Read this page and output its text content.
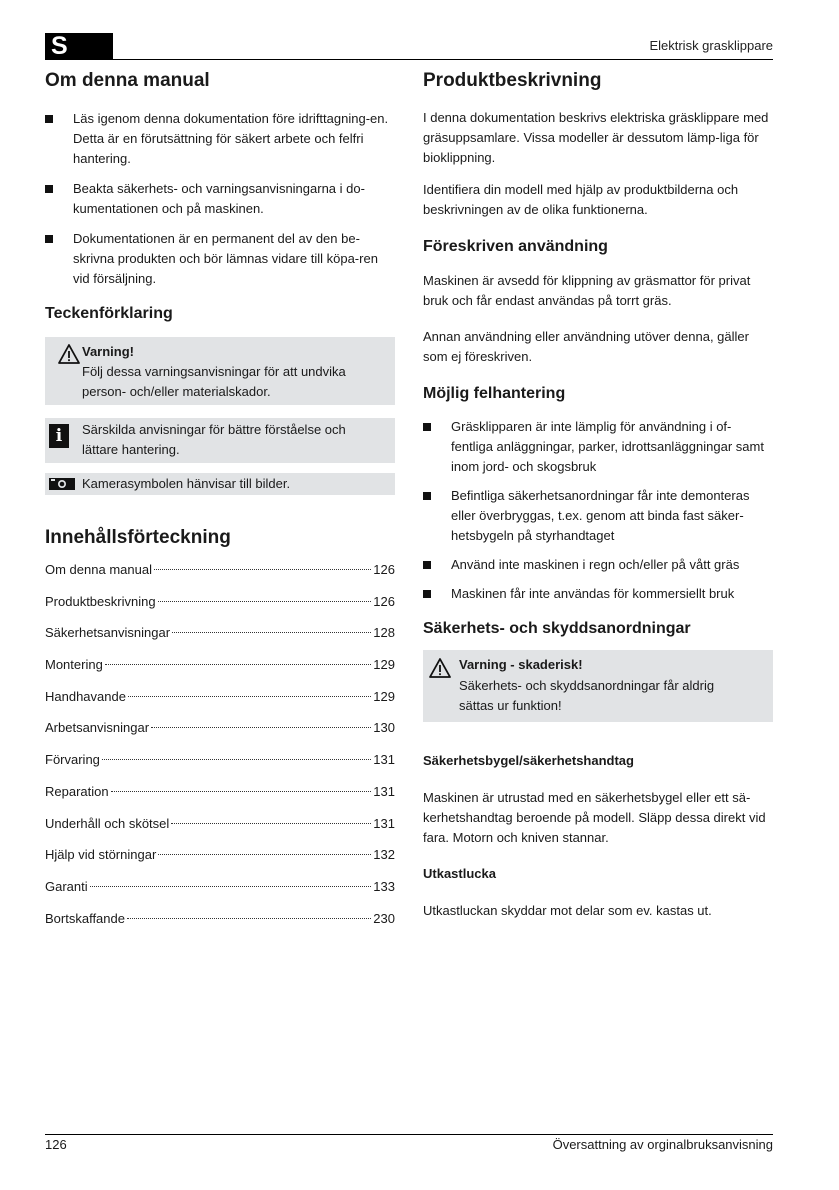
S	Elektrisk grasklippare
Om denna manual
Läs igenom denna dokumentation före idrifttagning-en. Detta är en förutsättning för säkert arbete och felfri hantering.
Beakta säkerhets- och varningsanvisningarna i do-kumentationen och på maskinen.
Dokumentationen är en permanent del av den be-skrivna produkten och bör lämnas vidare till köpa-ren vid försäljning.
Teckenförklaring
Varning!
Följ dessa varningsanvisningar för att undvika person- och/eller materialskador.
i	Särskilda anvisningar för bättre förståelse och lättare hantering.
Kamerasymbolen hänvisar till bilder.
Innehållsförteckning
Om denna manual	126
Produktbeskrivning	126
Säkerhetsanvisningar	128
Montering	129
Handhavande	129
Arbetsanvisningar	130
Förvaring	131
Reparation	131
Underhåll och skötsel	131
Hjälp vid störningar	132
Garanti	133
Bortskaffande	230
Produktbeskrivning

I denna dokumentation beskrivs elektriska gräsklippare med gräsuppsamlare. Vissa modeller är dessutom lämp-liga för bioklippning.

Identifiera din modell med hjälp av produktbilderna och beskrivningen av de olika funktionerna.

Föreskriven användning

Maskinen är avsedd för klippning av gräsmattor för privat bruk och får endast användas på torrt gräs.

Annan användning eller användning utöver denna, gäller som ej föreskriven.

Möjlig felhantering
Gräsklipparen är inte lämplig för användning i of-fentliga anläggningar, parker, idrottsanläggningar samt inom jord- och skogsbruk
Befintliga säkerhetsanordningar får inte demonteras eller överbryggas, t.ex. genom att binda fast säker-hetsbygeln på styrhandtaget
Använd inte maskinen i regn och/eller på vått gräs
Maskinen får inte användas för kommersiellt bruk
Säkerhets- och skyddsanordningar
Varning - skaderisk!
Säkerhets- och skyddsanordningar får aldrig sättas ur funktion!
Säkerhetsbygel/säkerhetshandtag

Maskinen är utrustad med en säkerhetsbygel eller ett sä-kerhetshandtag beroende på modell. Släpp dessa direkt vid fara. Motorn och kniven stannar.

Utkastlucka

Utkastluckan skyddar mot delar som ev. kastas ut.

126	Översattning av orginalbruksanvisning
